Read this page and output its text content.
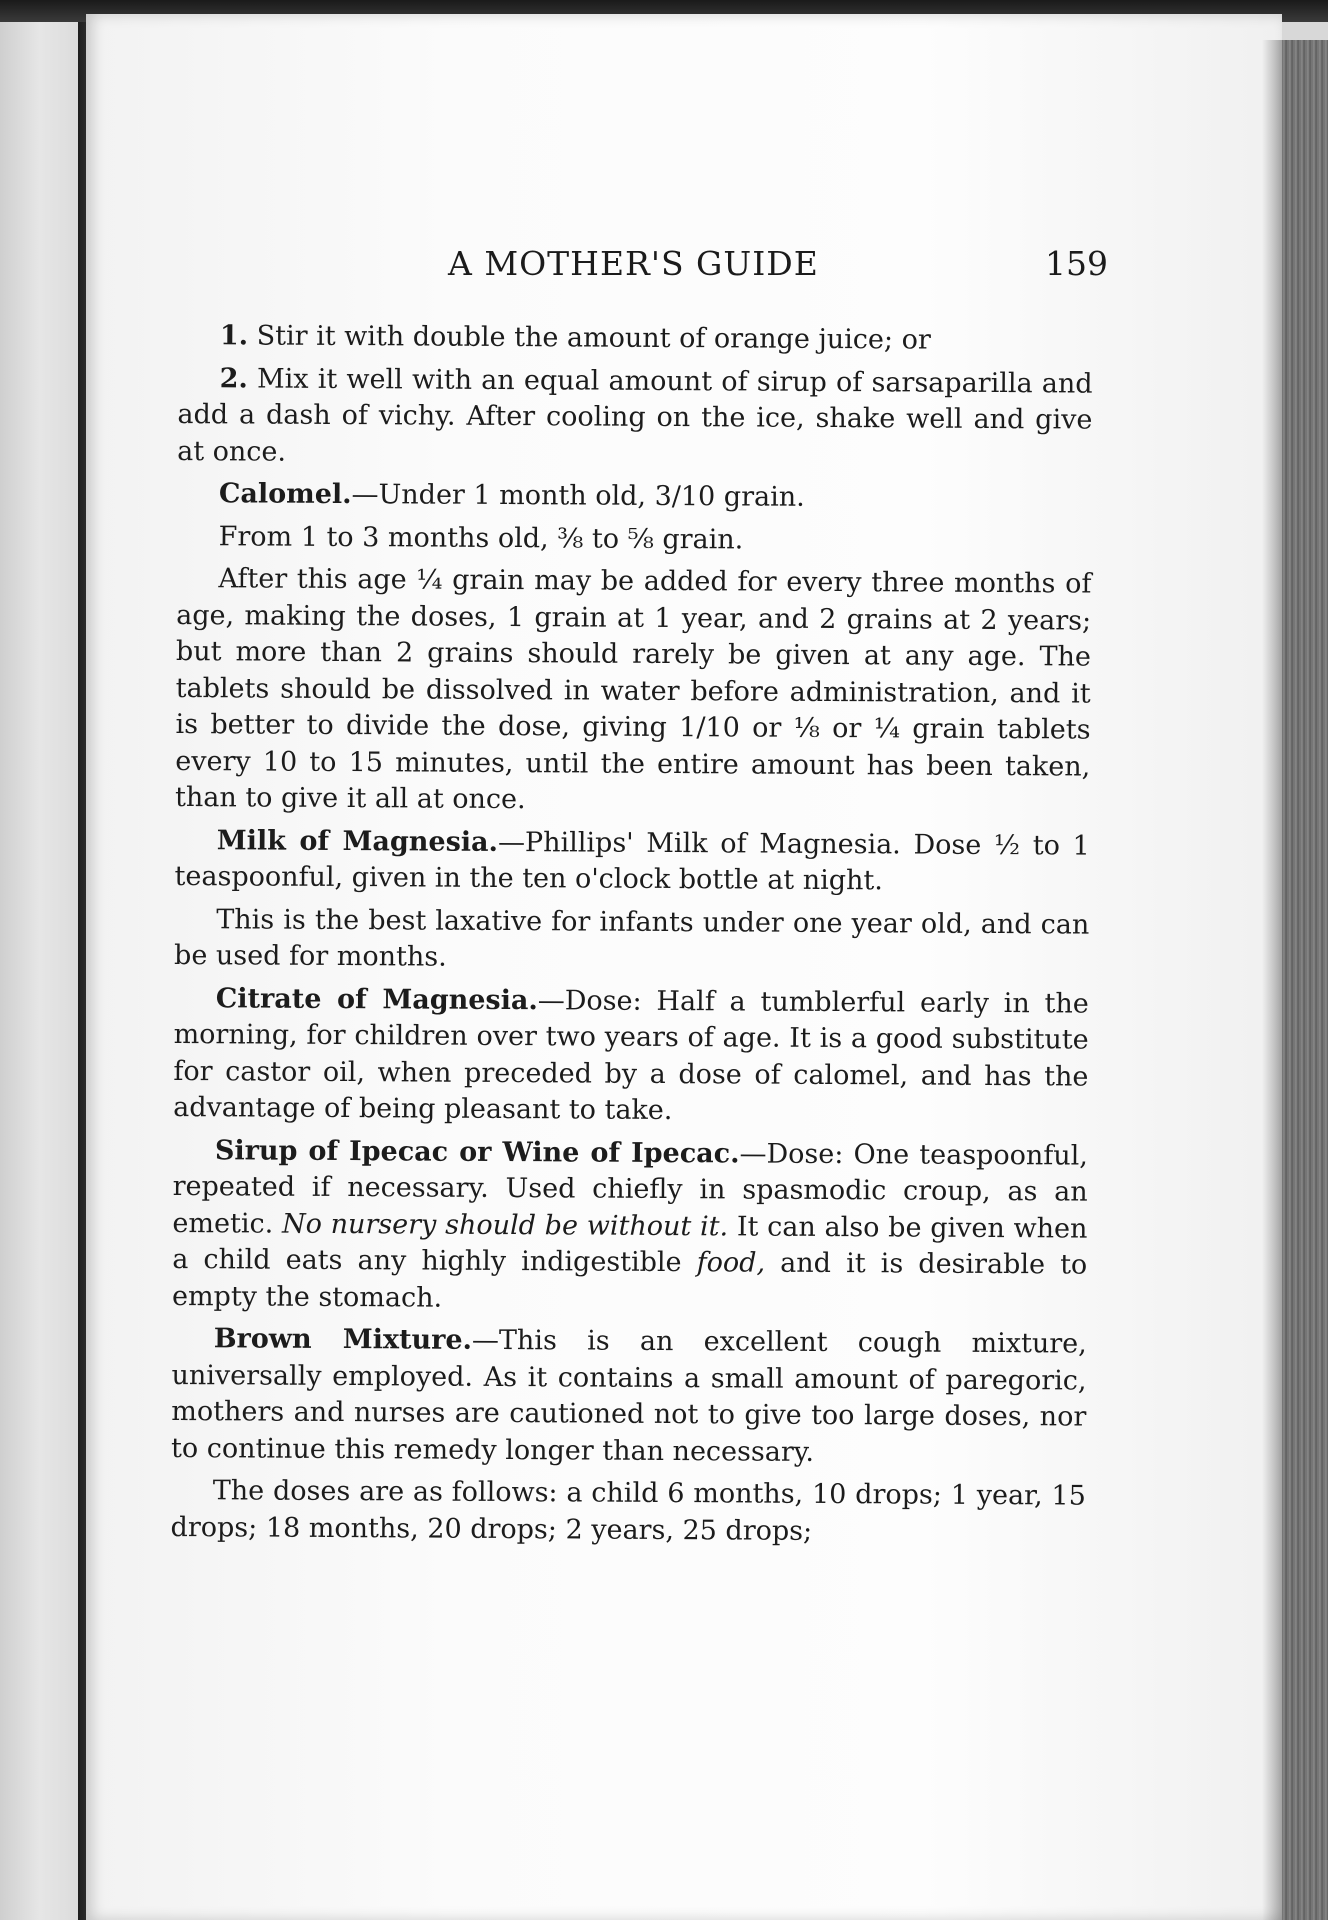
A MOTHER'S GUIDE	159

1. Stir it with double the amount of orange juice; or

2. Mix it well with an equal amount of sirup of sarsaparilla and add a dash of vichy. After cooling on the ice, shake well and give at once.

Calomel.—Under 1 month old, 3/10 grain.

From 1 to 3 months old, ⅜ to ⅝ grain.

After this age ¼ grain may be added for every three months of age, making the doses, 1 grain at 1 year, and 2 grains at 2 years; but more than 2 grains should rarely be given at any age. The tablets should be dissolved in water before administration, and it is better to divide the dose, giving 1/10 or ⅛ or ¼ grain tablets every 10 to 15 minutes, until the entire amount has been taken, than to give it all at once.

Milk of Magnesia.—Phillips' Milk of Magnesia. Dose ½ to 1 teaspoonful, given in the ten o'clock bottle at night.

This is the best laxative for infants under one year old, and can be used for months.

Citrate of Magnesia.—Dose: Half a tumblerful early in the morning, for children over two years of age. It is a good substitute for castor oil, when preceded by a dose of calomel, and has the advantage of being pleasant to take.

Sirup of Ipecac or Wine of Ipecac.—Dose: One teaspoonful, repeated if necessary. Used chiefly in spasmodic croup, as an emetic. No nursery should be without it. It can also be given when a child eats any highly indigestible food, and it is desirable to empty the stomach.

Brown Mixture.—This is an excellent cough mixture, universally employed. As it contains a small amount of paregoric, mothers and nurses are cautioned not to give too large doses, nor to continue this remedy longer than necessary.

The doses are as follows: a child 6 months, 10 drops; 1 year, 15 drops; 18 months, 20 drops; 2 years, 25 drops;
